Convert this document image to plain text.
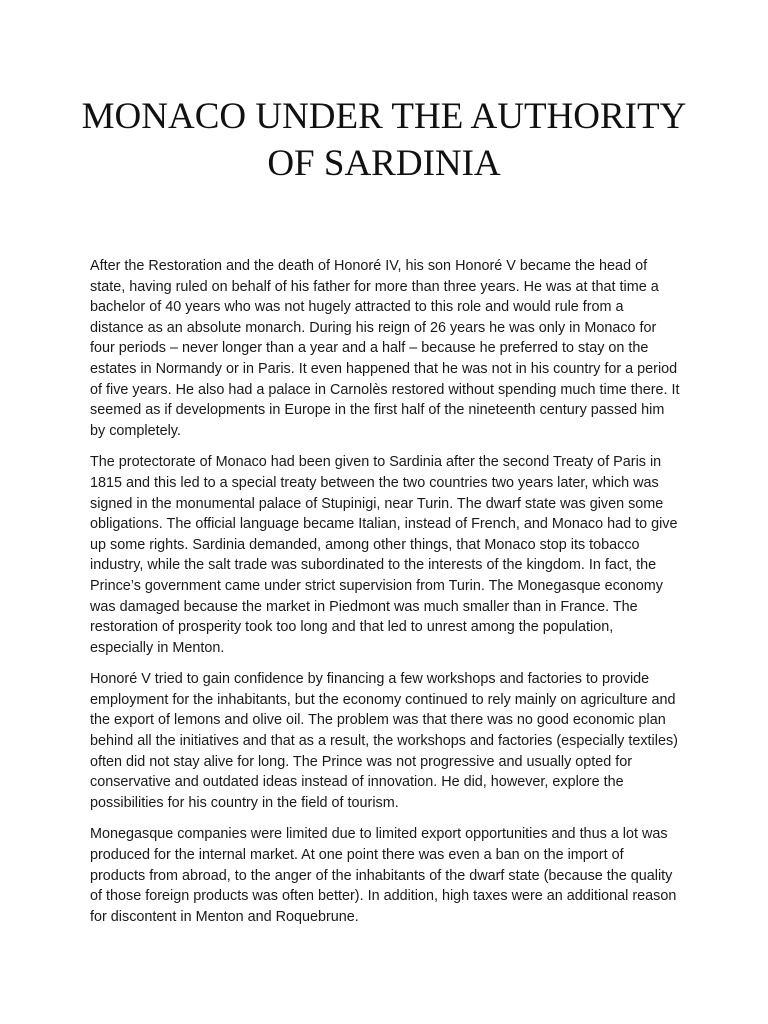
MONACO UNDER THE AUTHORITY OF SARDINIA

After the Restoration and the death of Honoré IV, his son Honoré V became the head of state, having ruled on behalf of his father for more than three years. He was at that time a bachelor of 40 years who was not hugely attracted to this role and would rule from a distance as an absolute monarch. During his reign of 26 years he was only in Monaco for four periods – never longer than a year and a half – because he preferred to stay on the estates in Normandy or in Paris. It even happened that he was not in his country for a period of five years. He also had a palace in Carnolès restored without spending much time there. It seemed as if developments in Europe in the first half of the nineteenth century passed him by completely.

The protectorate of Monaco had been given to Sardinia after the second Treaty of Paris in 1815 and this led to a special treaty between the two countries two years later, which was signed in the monumental palace of Stupinigi, near Turin. The dwarf state was given some obligations. The official language became Italian, instead of French, and Monaco had to give up some rights. Sardinia demanded, among other things, that Monaco stop its tobacco industry, while the salt trade was subordinated to the interests of the kingdom. In fact, the Prince’s government came under strict supervision from Turin. The Monegasque economy was damaged because the market in Piedmont was much smaller than in France. The restoration of prosperity took too long and that led to unrest among the population, especially in Menton.

Honoré V tried to gain confidence by financing a few workshops and factories to provide employment for the inhabitants, but the economy continued to rely mainly on agriculture and the export of lemons and olive oil. The problem was that there was no good economic plan behind all the initiatives and that as a result, the workshops and factories (especially textiles) often did not stay alive for long. The Prince was not progressive and usually opted for conservative and outdated ideas instead of innovation. He did, however, explore the possibilities for his country in the field of tourism.

Monegasque companies were limited due to limited export opportunities and thus a lot was produced for the internal market. At one point there was even a ban on the import of products from abroad, to the anger of the inhabitants of the dwarf state (because the quality of those foreign products was often better). In addition, high taxes were an additional reason for discontent in Menton and Roquebrune.
